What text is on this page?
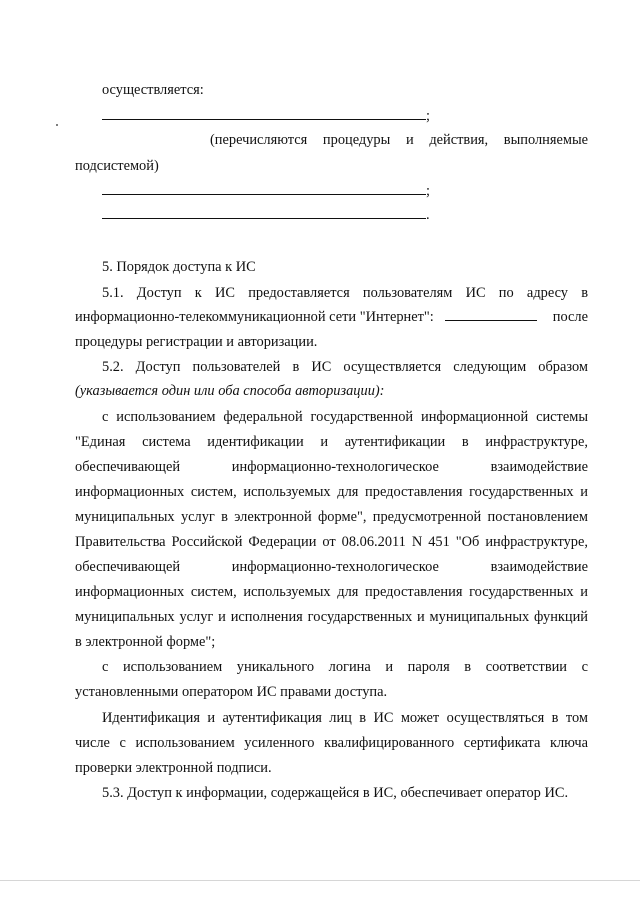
осуществляется:
;
(перечисляются процедуры и действия, выполняемые
подсистемой)
;
.
5. Порядок доступа к ИС
5.1. Доступ к ИС предоставляется пользователям ИС по адресу в
информационно-телекоммуникационной сети "Интернет":	после
процедуры регистрации и авторизации.
5.2. Доступ пользователей в ИС осуществляется следующим образом
(указывается один или оба способа авторизации):
с использованием федеральной государственной информационной системы
"Единая система идентификации и аутентификации в инфраструктуре,
обеспечивающей информационно-технологическое взаимодействие
информационных систем, используемых для предоставления государственных и
муниципальных услуг в электронной форме", предусмотренной постановлением
Правительства Российской Федерации от 08.06.2011 N 451 "Об инфраструктуре,
обеспечивающей информационно-технологическое взаимодействие
информационных систем, используемых для предоставления государственных и
муниципальных услуг и исполнения государственных и муниципальных функций
в электронной форме";
с использованием уникального логина и пароля в соответствии с
установленными оператором ИС правами доступа.
Идентификация и аутентификация лиц в ИС может осуществляться в том
числе с использованием усиленного квалифицированного сертификата ключа
проверки электронной подписи.
5.3. Доступ к информации, содержащейся в ИС, обеспечивает оператор ИС.
